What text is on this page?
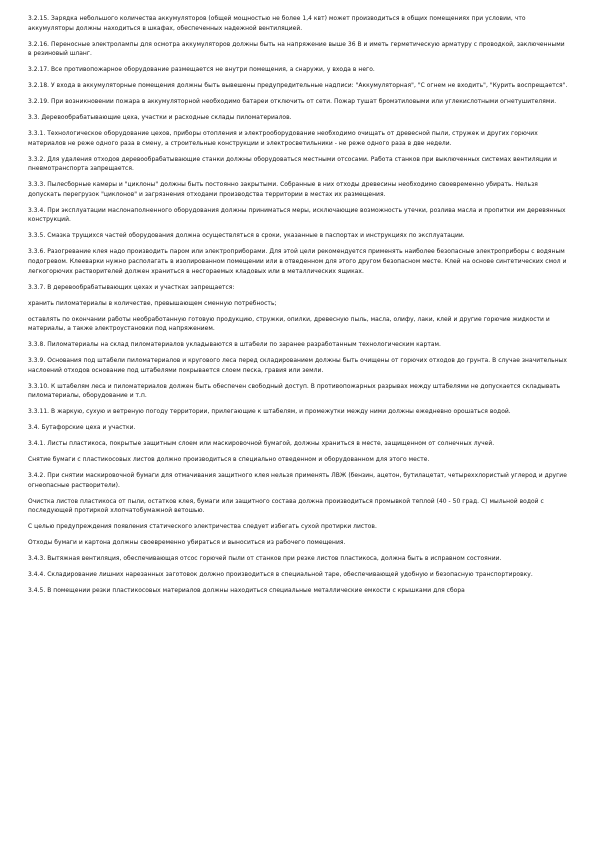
3.2.15. Зарядка небольшого количества аккумуляторов (общей мощностью не более 1,4 квт) может производиться в общих помещениях при условии, что аккумуляторы должны находиться в шкафах, обеспеченных надежной вентиляцией.

3.2.16. Переносные электролампы для осмотра аккумуляторов должны быть на напряжение выше 36 В и иметь герметическую арматуру с проводкой, заключенными в резиновый шланг.

3.2.17. Все противопожарное оборудование размещается не внутри помещения, а снаружи, у входа в него.

3.2.18. У входа в аккумуляторные помещения должны быть вывешены предупредительные надписи: "Аккумуляторная", "С огнем не входить", "Курить воспрещается".

3.2.19. При возникновении пожара в аккумуляторной необходимо батареи отключить от сети. Пожар тушат бромэтиловыми или углекислотными огнетушителями.

3.3. Деревообрабатывающие цеха, участки и расходные склады пиломатериалов.

3.3.1. Технологическое оборудование цехов, приборы отопления и электрооборудование необходимо очищать от древесной пыли, стружек и других горючих материалов не реже одного раза в смену, а строительные конструкции и электросветильники - не реже одного раза в две недели.

3.3.2. Для удаления отходов деревообрабатывающие станки должны оборудоваться местными отсосами. Работа станков при выключенных системах вентиляции и пневмотранспорта запрещается.

3.3.3. Пылесборные камеры и "циклоны" должны быть постоянно закрытыми. Собранные в них отходы древесины необходимо своевременно убирать. Нельзя допускать перегрузок "циклонов" и загрязнения отходами производства территории в местах их размещения.

3.3.4. При эксплуатации маслонаполненного оборудования должны приниматься меры, исключающие возможность утечки, розлива масла и пропитки им деревянных конструкций.

3.3.5. Смазка трущихся частей оборудования должна осуществляться в сроки, указанные в паспортах и инструкциях по эксплуатации.

3.3.6. Разогревание клея надо производить паром или электроприборами. Для этой цели рекомендуется применять наиболее безопасные электроприборы с водяным подогревом. Клееварки нужно располагать в изолированном помещении или в отведенном для этого другом безопасном месте. Клей на основе синтетических смол и легкогорючих растворителей должен храниться в несгораемых кладовых или в металлических ящиках.

3.3.7. В деревообрабатывающих цехах и участках запрещается:

хранить пиломатериалы в количестве, превышающем сменную потребность;

оставлять по окончании работы необработанную готовую продукцию, стружки, опилки, древесную пыль, масла, олифу, лаки, клей и другие горючие жидкости и материалы, а также электроустановки под напряжением.

3.3.8. Пиломатериалы на склад пиломатериалов укладываются в штабели по заранее разработанным технологическим картам.

3.3.9. Основания под штабели пиломатериалов и кругового леса перед складированием должны быть очищены от горючих отходов до грунта. В случае значительных наслоений отходов основание под штабелями покрывается слоем песка, гравия или земли.

3.3.10. К штабелям леса и пиломатериалов должен быть обеспечен свободный доступ. В противопожарных разрывах между штабелями не допускается складывать пиломатериалы, оборудование и т.п.

3.3.11. В жаркую, сухую и ветреную погоду территории, прилегающие к штабелям, и промежутки между ними должны ежедневно орошаться водой.

3.4. Бутафорские цеха и участки.

3.4.1. Листы пластикоса, покрытые защитным слоем или маскировочной бумагой, должны храниться в месте, защищенном от солнечных лучей.

Снятие бумаги с пластикосовых листов должно производиться в специально отведенном и оборудованном для этого месте.

3.4.2. При снятии маскировочной бумаги для отмачивания защитного клея нельзя применять ЛВЖ (бензин, ацетон, бутилацетат, четыреххлористый углерод и другие огнеопасные растворители).

Очистка листов пластикоса от пыли, остатков клея, бумаги или защитного состава должна производиться промывкой теплой (40 - 50 град. С) мыльной водой с последующей протиркой хлопчатобумажной ветошью.

С целью предупреждения появления статического электричества следует избегать сухой протирки листов.

Отходы бумаги и картона должны своевременно убираться и выноситься из рабочего помещения.

3.4.3. Вытяжная вентиляция, обеспечивающая отсос горючей пыли от станков при резке листов пластикоса, должна быть в исправном состоянии.

3.4.4. Складирование лишних нарезанных заготовок должно производиться в специальной таре, обеспечивающей удобную и безопасную транспортировку.

3.4.5. В помещении резки пластикосовых материалов должны находиться специальные металлические емкости с крышками для сбора
